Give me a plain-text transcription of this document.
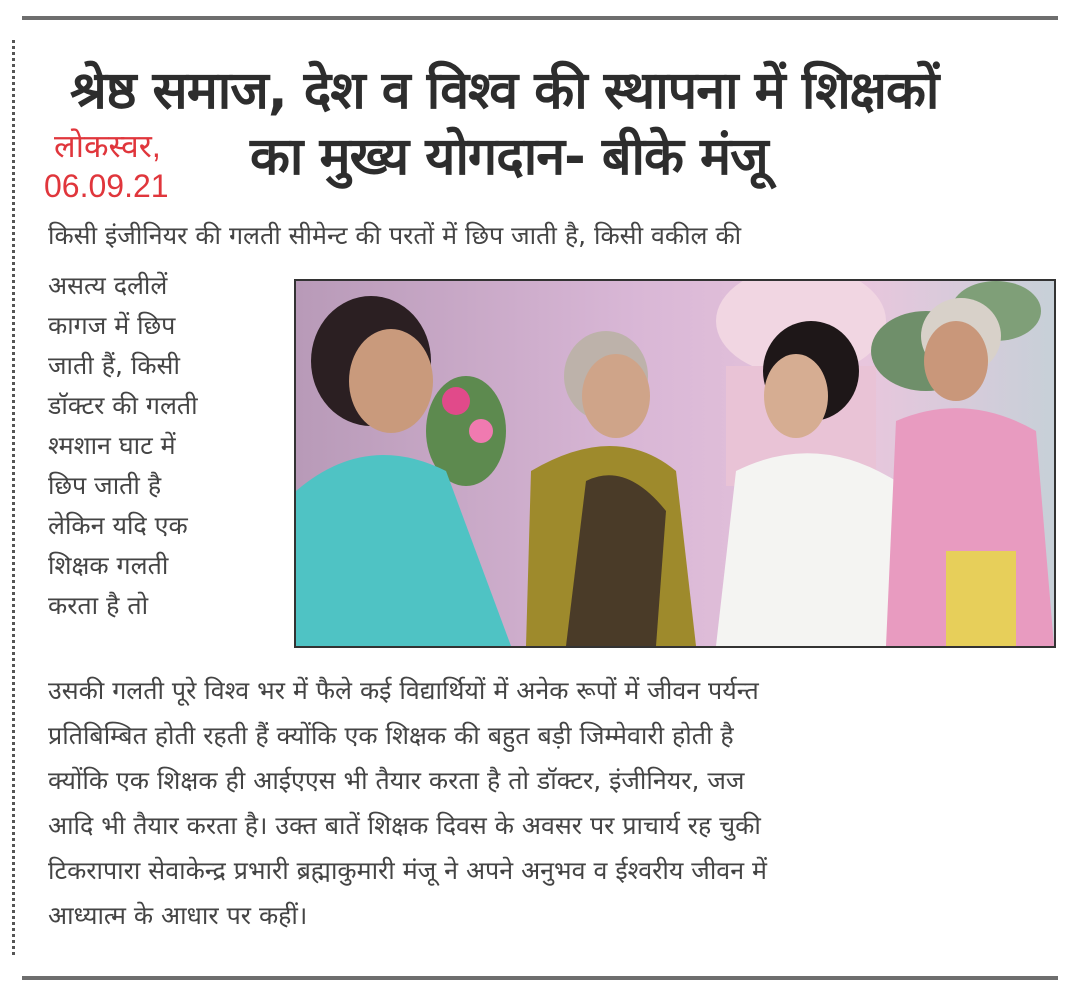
श्रेष्ठ समाज, देश व विश्व की स्थापना में शिक्षकों
का मुख्य योगदान- बीके मंजू
लोकस्वर,
06.09.21
किसी इंजीनियर की गलती सीमेन्ट की परतों में छिप जाती है, किसी वकील की
असत्य दलीलें
कागज में छिप
जाती हैं, किसी
डॉक्टर की गलती
श्मशान घाट में
छिप जाती है
लेकिन यदि एक
शिक्षक गलती
करता है तो
उसकी गलती पूरे विश्व भर में फैले कई विद्यार्थियों में अनेक रूपों में जीवन पर्यन्त
प्रतिबिम्बित होती रहती हैं क्योंकि एक शिक्षक की बहुत बड़ी जिम्मेवारी होती है
क्योंकि एक शिक्षक ही आईएएस भी तैयार करता है तो डॉक्टर, इंजीनियर, जज
आदि भी तैयार करता है। उक्त बातें शिक्षक दिवस के अवसर पर प्राचार्य रह चुकी
टिकरापारा सेवाकेन्द्र प्रभारी ब्रह्माकुमारी मंजू ने अपने अनुभव व ईश्वरीय जीवन में
आध्यात्म के आधार पर कहीं।
